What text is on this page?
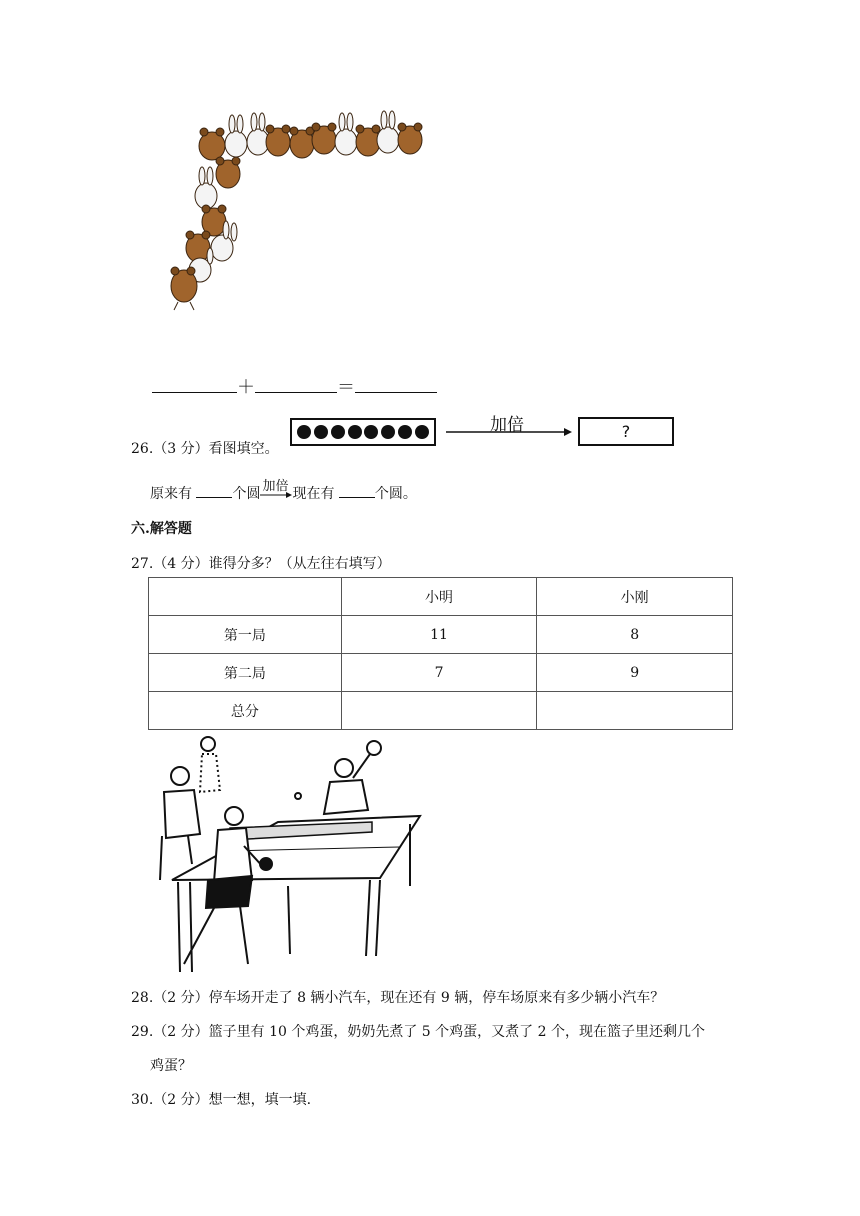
＋	＝
26.（3 分）看图填空。
加倍	?
原来有	个圆 加倍 现在有	个圆。
六.解答题
27.（4 分）谁得分多？（从左往右填写）
	小明	小刚
第一局	11	8
第二局	7	9
总分		
28.（2 分）停车场开走了 8 辆小汽车，现在还有 9 辆，停车场原来有多少辆小汽车？
29.（2 分）篮子里有 10 个鸡蛋，奶奶先煮了 5 个鸡蛋，又煮了 2 个，现在篮子里还剩几个
鸡蛋？
30.（2 分）想一想，填一填.
